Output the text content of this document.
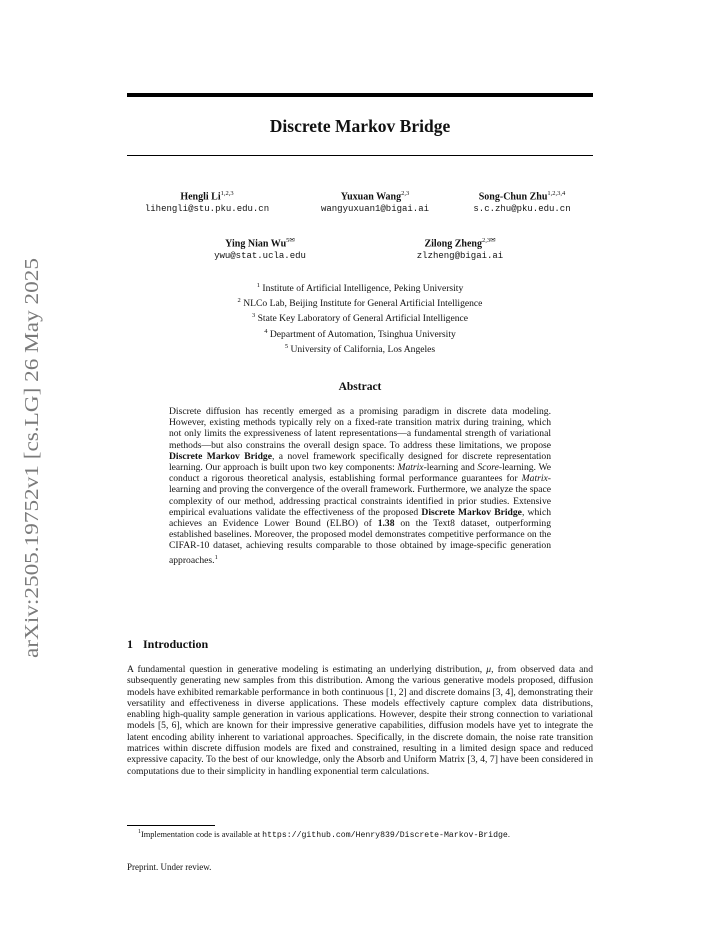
arXiv:2505.19752v1 [cs.LG] 26 May 2025
Discrete Markov Bridge
Hengli Li$^{1,2,3}$
lihengli@stu.pku.edu.cn
Yuxuan Wang$^{2,3}$
wangyuxuan1@bigai.ai
Song-Chun Zhu$^{1,2,3,4}$
s.c.zhu@pku.edu.cn
Ying Nian $Wu^{5✉}$
ywu@stat.ucla.edu
Zilong Zheng$^{2,3✉}$
zlzheng@bigai.ai
$^1$ Institute of Artificial Intelligence, Peking University
$^2$ NLCo Lab, Beijing Institute for General Artificial Intelligence
$^3$ State Key Laboratory of General Artificial Intelligence
$^4$ Department of Automation, Tsinghua University
$^5$ University of California, Los Angeles
Abstract

Discrete diffusion has recently emerged as a promising paradigm in discrete data modeling. However, existing methods typically rely on a fixed-rate transition matrix during training, which not only limits the expressiveness of latent representations—a fundamental strength of variational methods—but also constrains the overall design space. To address these limitations, we propose Discrete Markov Bridge, a novel framework specifically designed for discrete representation learning. Our approach is built upon two key components: Matrix-learning and Score-learning. We conduct a rigorous theoretical analysis, establishing formal performance guarantees for Matrix-learning and proving the convergence of the overall framework. Furthermore, we analyze the space complexity of our method, addressing practical constraints identified in prior studies. Extensive empirical evaluations validate the effectiveness of the proposed Discrete Markov Bridge, which achieves an Evidence Lower Bound (ELBO) of 1.38 on the Text8 dataset, outperforming established baselines. Moreover, the proposed model demonstrates competitive performance on the CIFAR-10 dataset, achieving results comparable to those obtained by image-specific generation approaches.$^1$

1 Introduction

A fundamental question in generative modeling is estimating an underlying distribution, μ, from observed data and subsequently generating new samples from this distribution. Among the various generative models proposed, diffusion models have exhibited remarkable performance in both continuous [1, 2] and discrete domains [3, 4], demonstrating their versatility and effectiveness in diverse applications. These models effectively capture complex data distributions, enabling high-quality sample generation in various applications. However, despite their strong connection to variational models [5, 6], which are known for their impressive generative capabilities, diffusion models have yet to integrate the latent encoding ability inherent to variational approaches. Specifically, in the discrete domain, the noise rate transition matrices within discrete diffusion models are fixed and constrained, resulting in a limited design space and reduced expressive capacity. To the best of our knowledge, only the Absorb and Uniform Matrix [3, 4, 7] have been considered in computations due to their simplicity in handling exponential term calculations.

$^1$Implementation code is available at https://github.com/Henry839/Discrete-Markov-Bridge.

Preprint. Under review.
